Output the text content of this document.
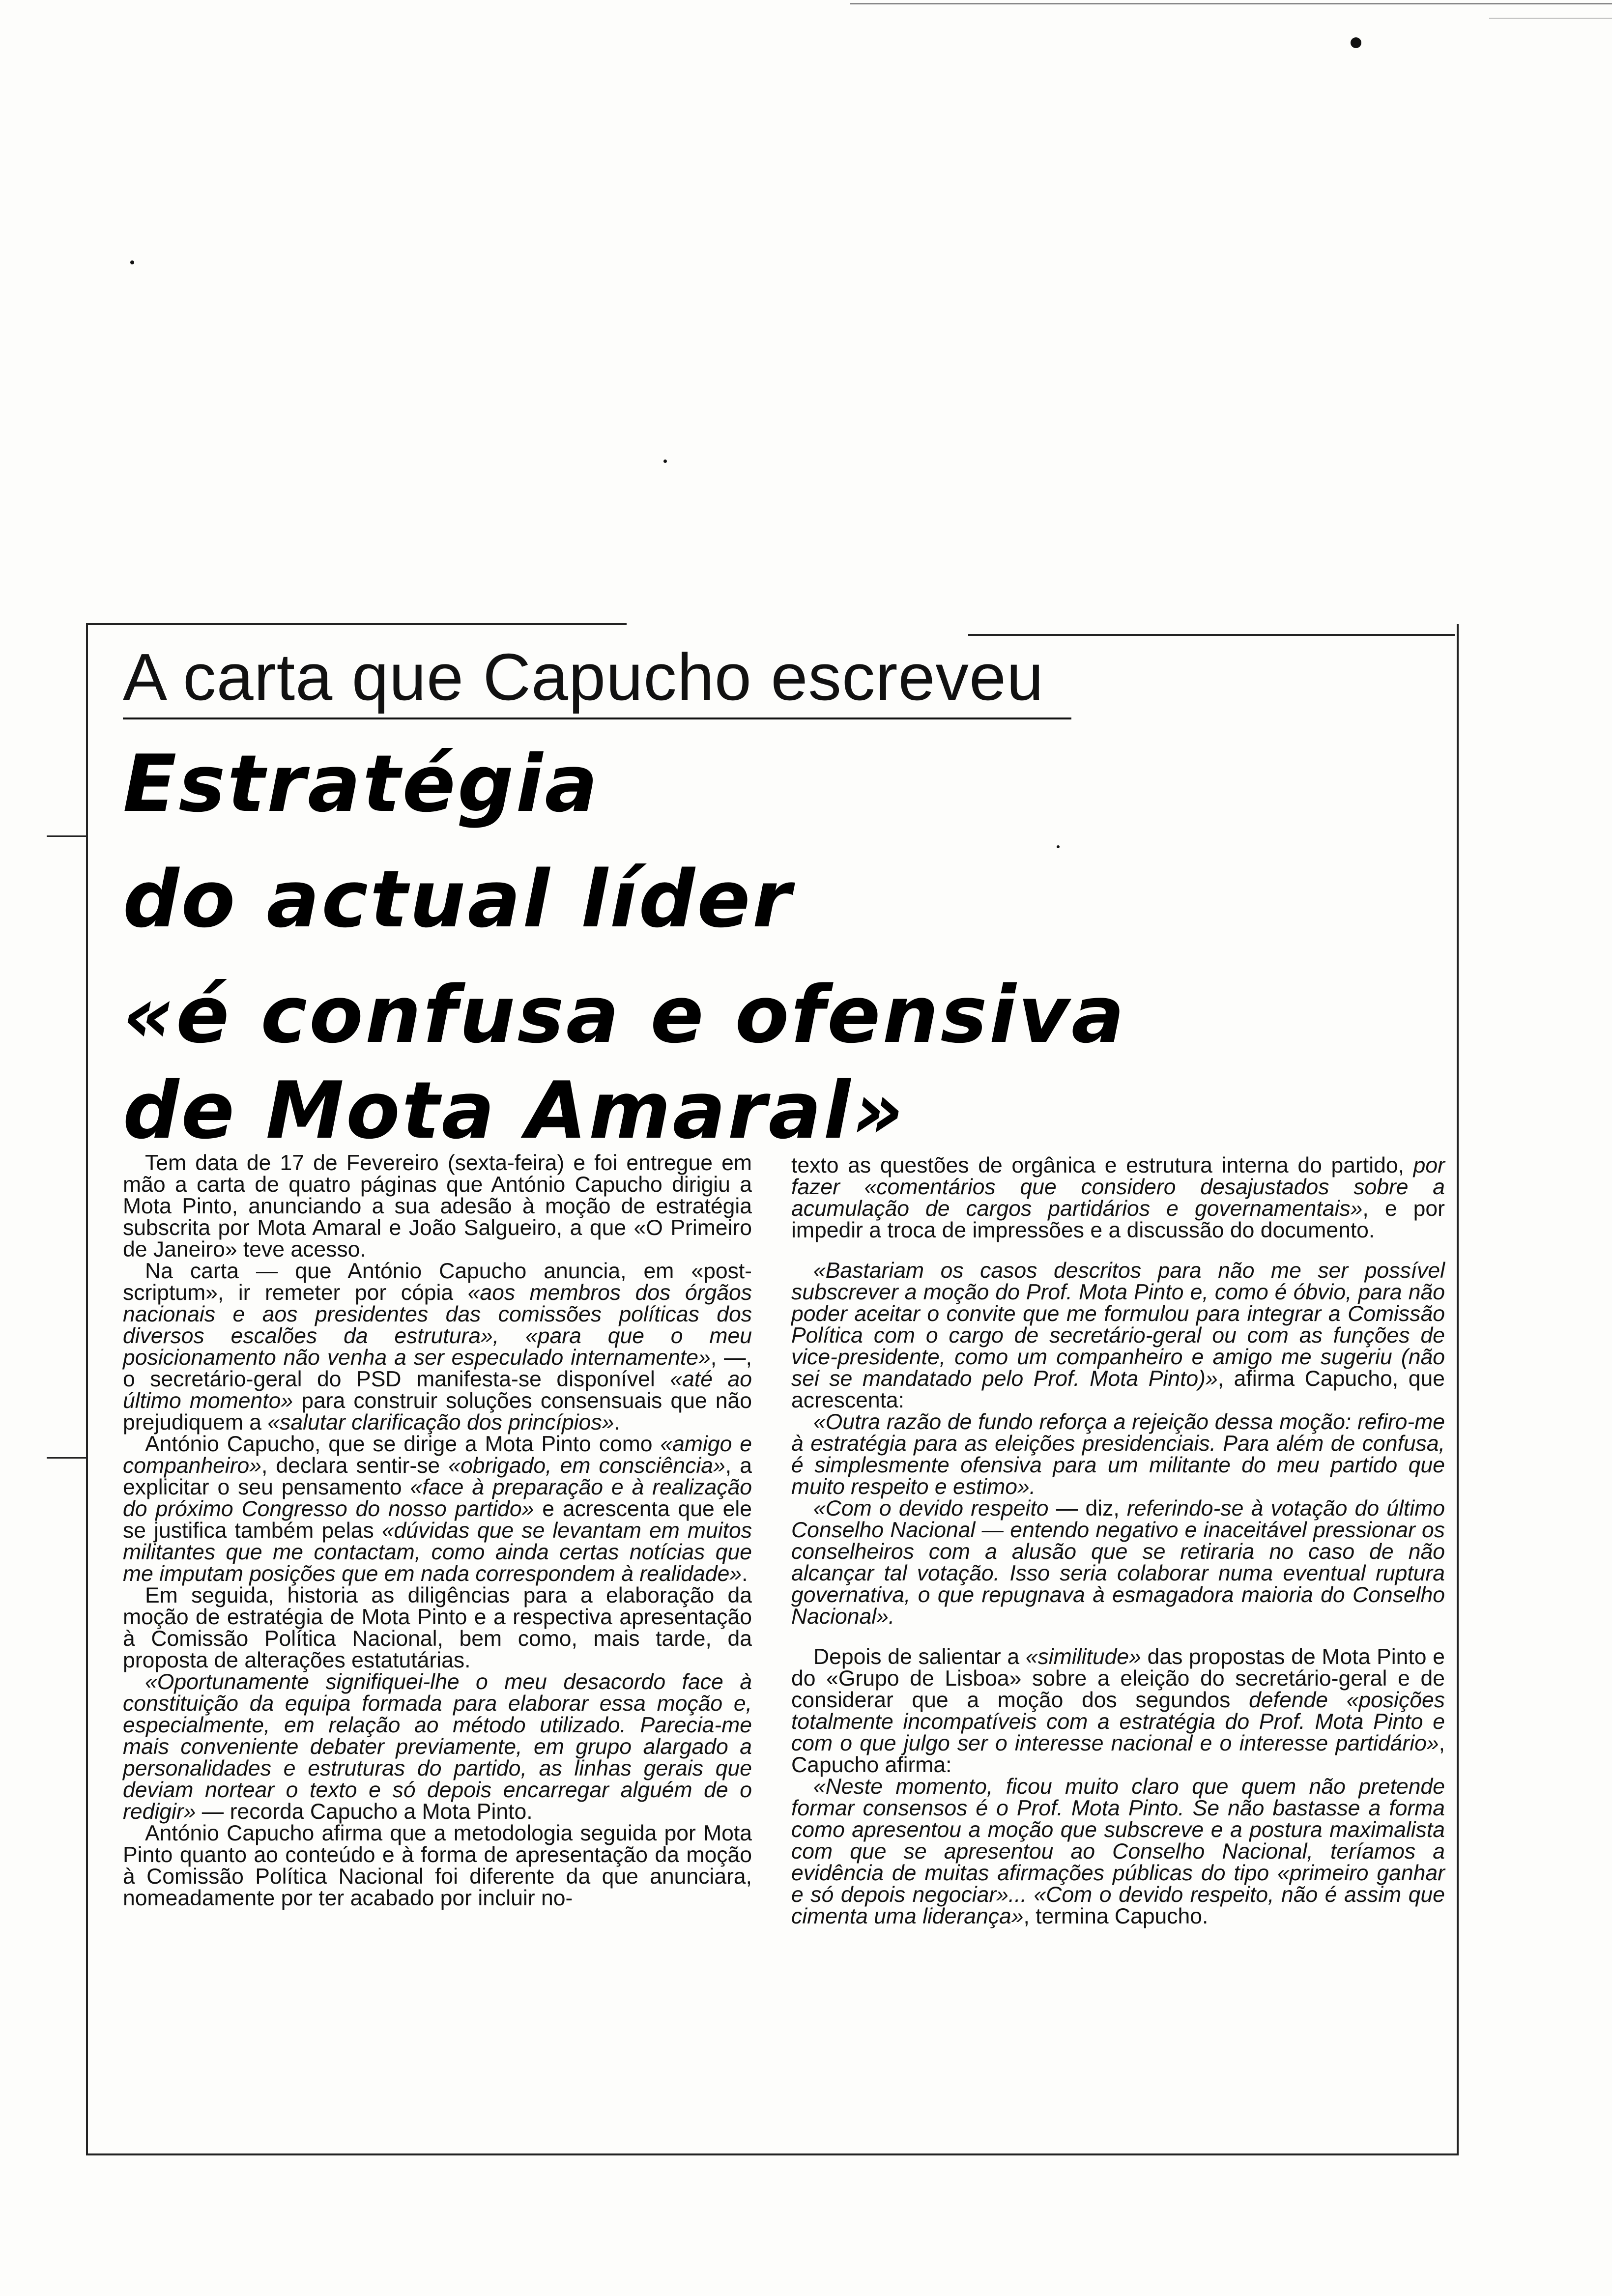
A carta que Capucho escreveu
Estratégia
do actual líder
«é confusa e ofensiva
de Mota Amaral»

Tem data de 17 de Fevereiro (sexta-feira) e foi entregue em mão a carta de quatro páginas que António Capucho dirigiu a Mota Pinto, anunciando a sua adesão à moção de estratégia subscrita por Mota Amaral e João Salgueiro, a que «O Primeiro de Janeiro» teve acesso.

Na carta — que António Capucho anuncia, em «post-scriptum», ir remeter por cópia «aos membros dos órgãos nacionais e aos presidentes das comissões políticas dos diversos escalões da estrutura», «para que o meu posicionamento não venha a ser especulado internamente», —, o secretário-geral do PSD manifesta-se disponível «até ao último momento» para construir soluções consensuais que não prejudiquem a «salutar clarificação dos princípios».

António Capucho, que se dirige a Mota Pinto como «amigo e companheiro», declara sentir-se «obrigado, em consciência», a explicitar o seu pensamento «face à preparação e à realização do próximo Congresso do nosso partido» e acrescenta que ele se justifica também pelas «dúvidas que se levantam em muitos militantes que me contactam, como ainda certas notícias que me imputam posições que em nada correspondem à realidade».

Em seguida, historia as diligências para a elaboração da moção de estratégia de Mota Pinto e a respectiva apresentação à Comissão Política Nacional, bem como, mais tarde, da proposta de alterações estatutárias.

«Oportunamente signifiquei-lhe o meu desacordo face à constituição da equipa formada para elaborar essa moção e, especialmente, em relação ao método utilizado. Parecia-me mais conveniente debater previamente, em grupo alargado a personalidades e estruturas do partido, as linhas gerais que deviam nortear o texto e só depois encarregar alguém de o redigir» — recorda Capucho a Mota Pinto.

António Capucho afirma que a metodologia seguida por Mota Pinto quanto ao conteúdo e à forma de apresentação da moção à Comissão Política Nacional foi diferente da que anunciara, nomeadamente por ter acabado por incluir no-

texto as questões de orgânica e estrutura interna do partido, por fazer «comentários que considero desajustados sobre a acumulação de cargos partidários e governamentais», e por impedir a troca de impressões e a discussão do documento.

«Bastariam os casos descritos para não me ser possível subscrever a moção do Prof. Mota Pinto e, como é óbvio, para não poder aceitar o convite que me formulou para integrar a Comissão Política com o cargo de secretário-geral ou com as funções de vice-presidente, como um companheiro e amigo me sugeriu (não sei se mandatado pelo Prof. Mota Pinto)», afirma Capucho, que acrescenta:

«Outra razão de fundo reforça a rejeição dessa moção: refiro-me à estratégia para as eleições presidenciais. Para além de confusa, é simplesmente ofensiva para um militante do meu partido que muito respeito e estimo».

«Com o devido respeito — diz, referindo-se à votação do último Conselho Nacional — entendo negativo e inaceitável pressionar os conselheiros com a alusão que se retiraria no caso de não alcançar tal votação. Isso seria colaborar numa eventual ruptura governativa, o que repugnava à esmagadora maioria do Conselho Nacional».

Depois de salientar a «similitude» das propostas de Mota Pinto e do «Grupo de Lisboa» sobre a eleição do secretário-geral e de considerar que a moção dos segundos defende «posições totalmente incompatíveis com a estratégia do Prof. Mota Pinto e com o que julgo ser o interesse nacional e o interesse partidário», Capucho afirma:

«Neste momento, ficou muito claro que quem não pretende formar consensos é o Prof. Mota Pinto. Se não bastasse a forma como apresentou a moção que subscreve e a postura maximalista com que se apresentou ao Conselho Nacional, teríamos a evidência de muitas afirmações públicas do tipo «primeiro ganhar e só depois negociar»... «Com o devido respeito, não é assim que cimenta uma liderança», termina Capucho.
